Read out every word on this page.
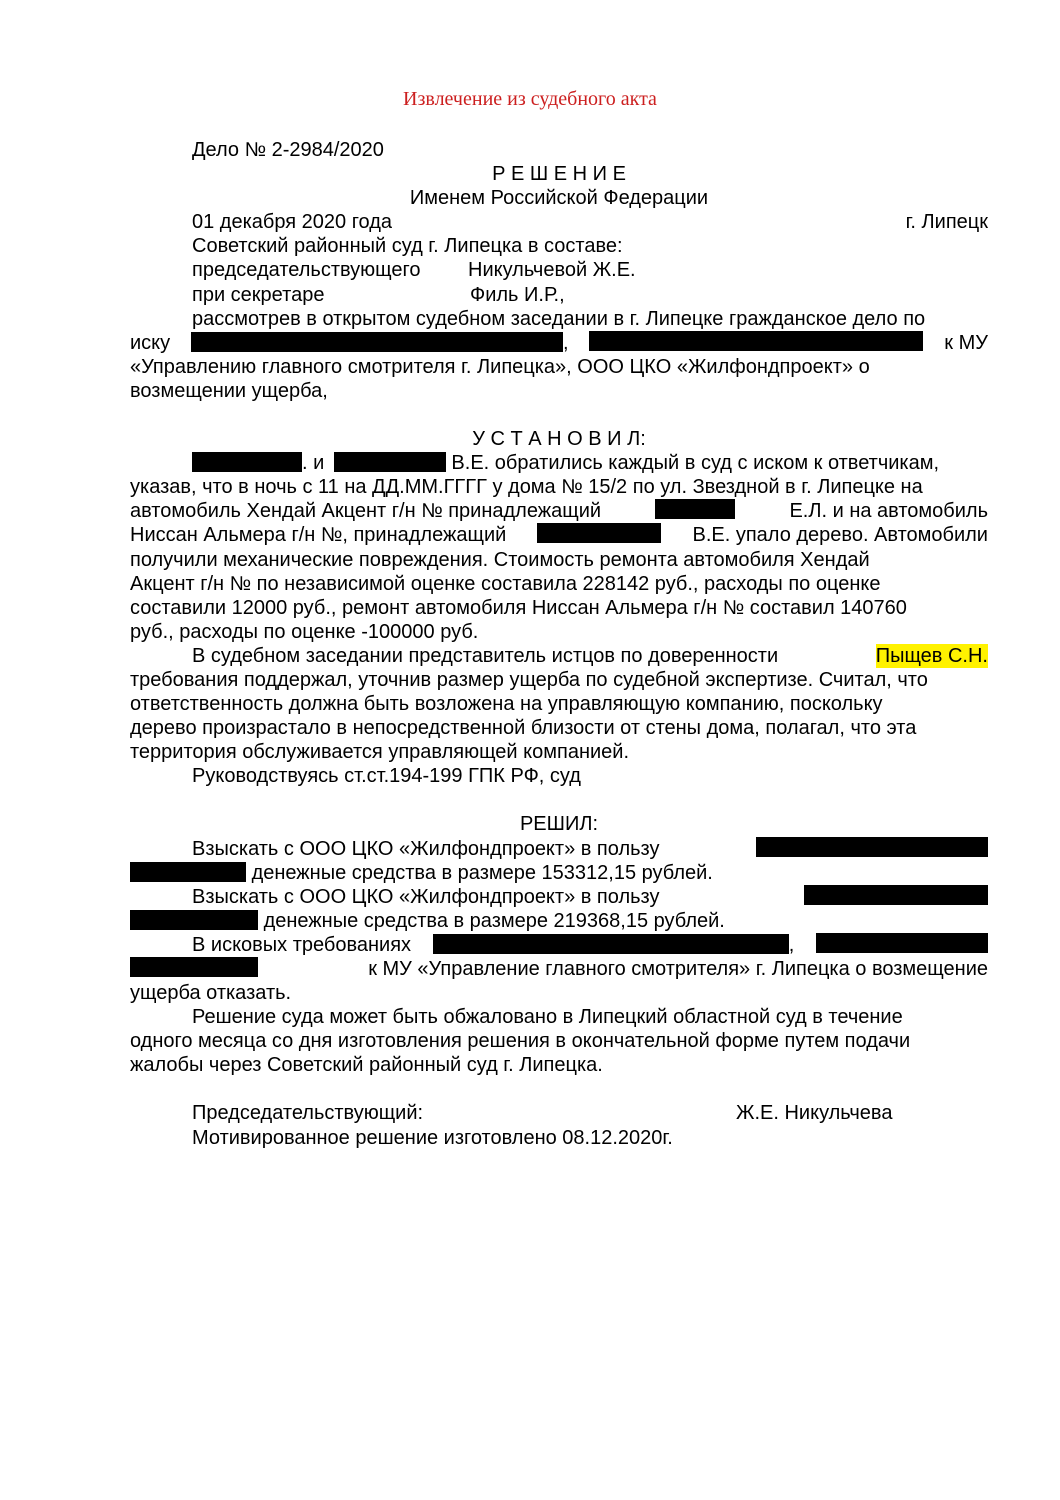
Извлечение из судебного акта
Дело № 2-2984/2020
Р Е Ш Е Н И Е
Именем Российской Федерации
01 декабря 2020 года	г. Липецк
Советский районный суд г. Липецка в составе:
председательствующего Никульчевой Ж.Е.
при секретаре	Филь И.Р.,
рассмотрев в открытом судебном заседании в г. Липецке гражданское дело по
иску	,	к МУ
«Управлению главного смотрителя г. Липецка», ООО ЦКО «Жилфондпроект» о
возмещении ущерба,
У С Т А Н О В И Л:
. и	В.Е. обратились каждый в суд с иском к ответчикам,
указав, что в ночь с 11 на ДД.ММ.ГГГГ у дома № 15/2 по ул. Звездной в г. Липецке на
автомобиль Хендай Акцент г/н № принадлежащий	Е.Л. и на автомобиль
Ниссан Альмера г/н №, принадлежащий	В.Е. упало дерево. Автомобили
получили механические повреждения. Стоимость ремонта автомобиля Хендай
Акцент г/н № по независимой оценке составила 228142 руб., расходы по оценке
составили 12000 руб., ремонт автомобиля Ниссан Альмера г/н № составил 140760
руб., расходы по оценке -100000 руб.
В судебном заседании представитель истцов по доверенности	Пыщев С.Н.
требования поддержал, уточнив размер ущерба по судебной экспертизе. Считал, что
ответственность должна быть возложена на управляющую компанию, поскольку
дерево произрастало в непосредственной близости от стены дома, полагал, что эта
территория обслуживается управляющей компанией.
Руководствуясь ст.ст.194-199 ГПК РФ, суд
РЕШИЛ:
Взыскать с ООО ЦКО «Жилфондпроект» в пользу
денежные средства в размере 153312,15 рублей.
Взыскать с ООО ЦКО «Жилфондпроект» в пользу
денежные средства в размере 219368,15 рублей.
В исковых требованиях	,
к МУ «Управление главного смотрителя» г. Липецка о возмещение
ущерба отказать.
Решение суда может быть обжаловано в Липецкий областной суд в течение
одного месяца со дня изготовления решения в окончательной форме путем подачи
жалобы через Советский районный суд г. Липецка.
Председательствующий:	Ж.Е. Никульчева
Мотивированное решение изготовлено 08.12.2020г.
